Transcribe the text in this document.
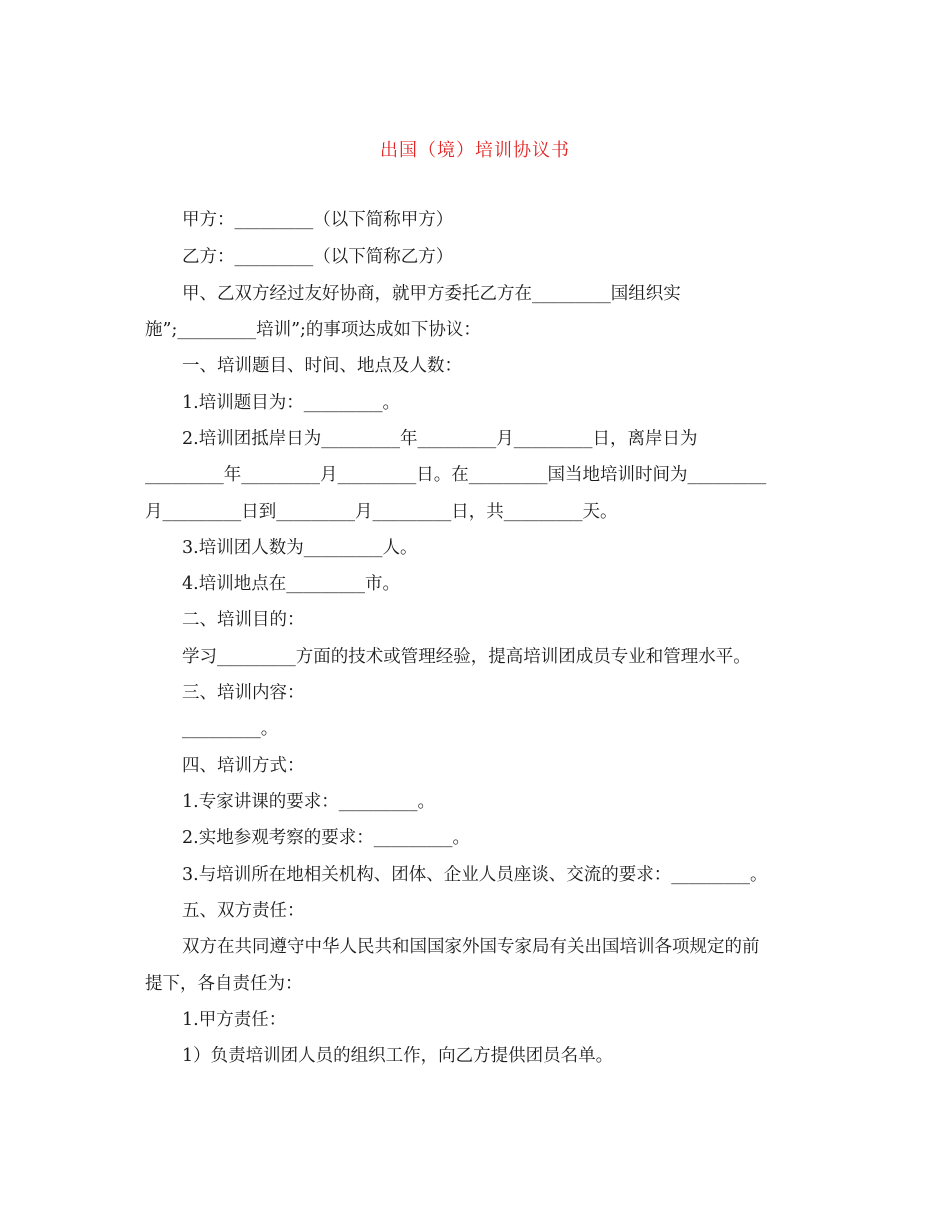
出国（境）培训协议书
甲方：_________（以下简称甲方）
乙方：_________（以下简称乙方）
甲、乙双方经过友好协商，就甲方委托乙方在_________国组织实
施”;_________培训”;的事项达成如下协议：
一、培训题目、时间、地点及人数：
1.培训题目为：_________。
2.培训团抵岸日为_________年_________月_________日，离岸日为
_________年_________月_________日。在_________国当地培训时间为_________
月_________日到_________月_________日，共_________天。
3.培训团人数为_________人。
4.培训地点在_________市。
二、培训目的：
学习_________方面的技术或管理经验，提高培训团成员专业和管理水平。
三、培训内容：
_________。
四、培训方式：
1.专家讲课的要求：_________。
2.实地参观考察的要求：_________。
3.与培训所在地相关机构、团体、企业人员座谈、交流的要求：_________。
五、双方责任：
双方在共同遵守中华人民共和国国家外国专家局有关出国培训各项规定的前
提下，各自责任为：
1.甲方责任：
1）负责培训团人员的组织工作，向乙方提供团员名单。
